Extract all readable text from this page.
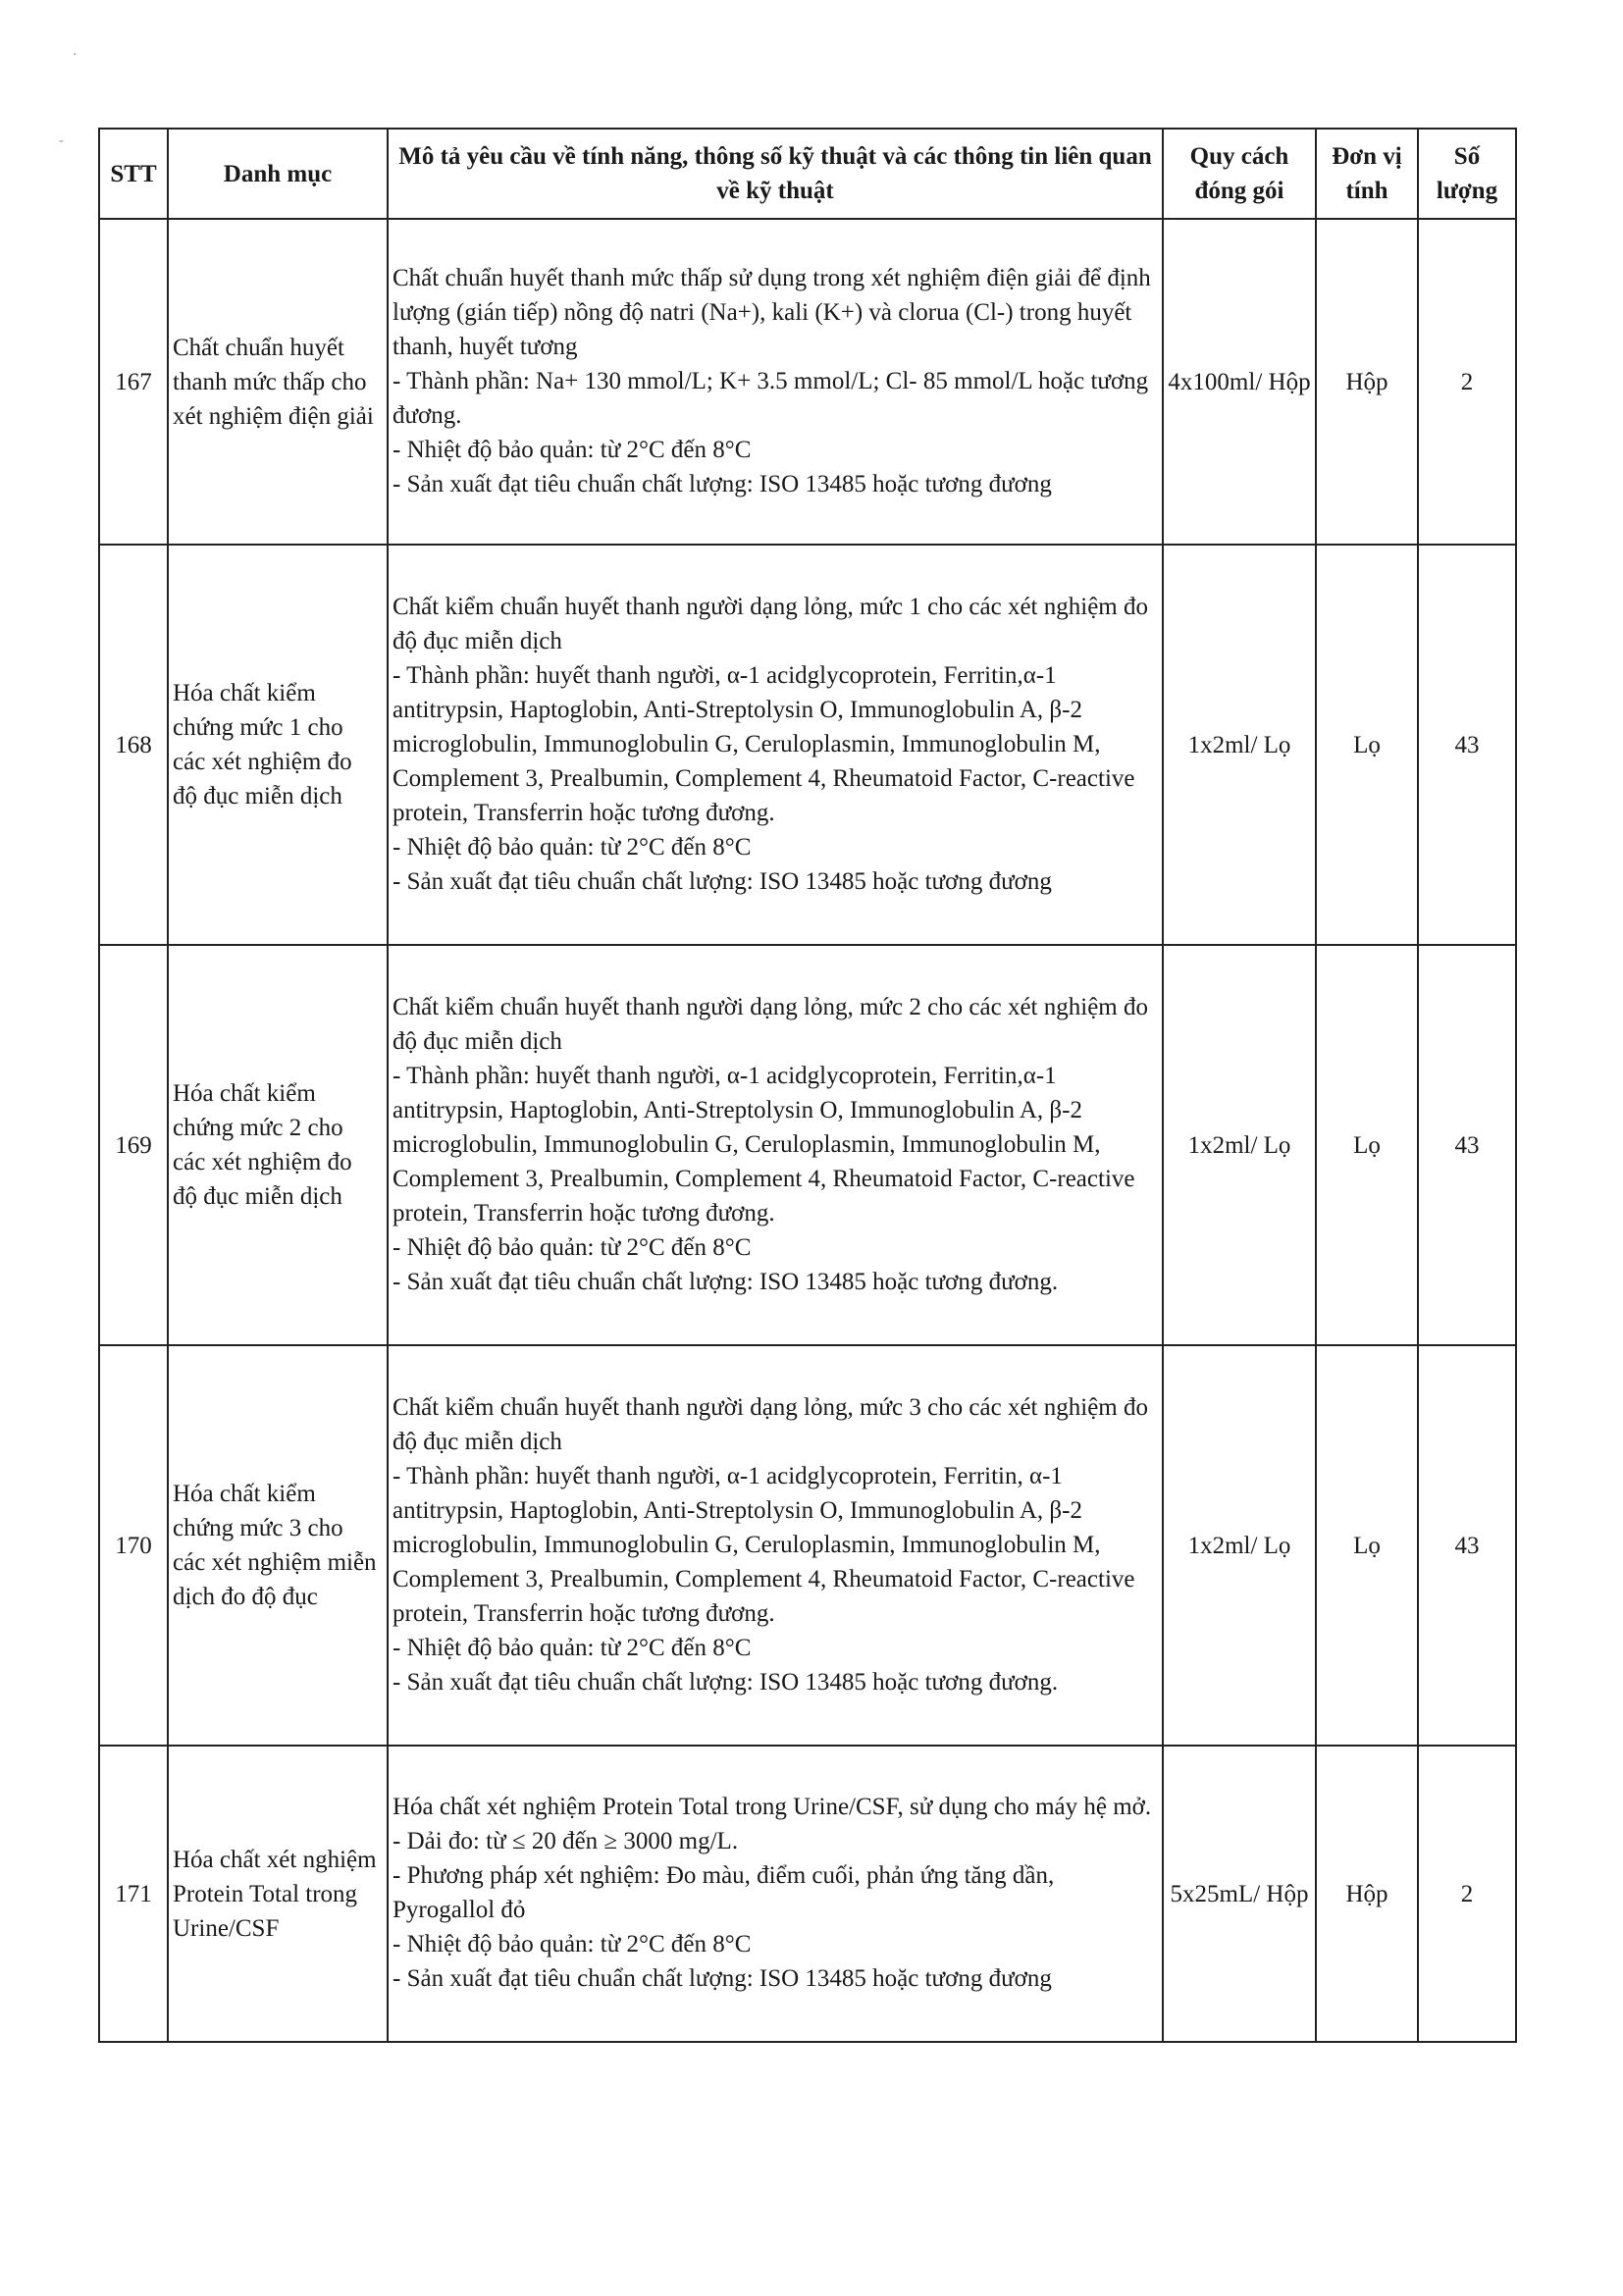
·
-
STT	Danh mục	Mô tả yêu cầu về tính năng, thông số kỹ thuật và các thông tin liên quan về kỹ thuật	Quy cách đóng gói	Đơn vị tính	Số lượng
167	Chất chuẩn huyết thanh mức thấp cho xét nghiệm điện giải	Chất chuẩn huyết thanh mức thấp sử dụng trong xét nghiệm điện giải để định lượng (gián tiếp) nồng độ natri (Na+), kali (K+) và clorua (Cl-) trong huyết thanh, huyết tương
- Thành phần: Na+ 130 mmol/L; K+ 3.5 mmol/L; Cl- 85 mmol/L hoặc tương đương.
- Nhiệt độ bảo quản: từ 2°C đến 8°C
- Sản xuất đạt tiêu chuẩn chất lượng: ISO 13485 hoặc tương đương	4x100ml/ Hộp	Hộp	2
168	Hóa chất kiểm chứng mức 1 cho các xét nghiệm đo độ đục miễn dịch	Chất kiểm chuẩn huyết thanh người dạng lỏng, mức 1 cho các xét nghiệm đo độ đục miễn dịch
- Thành phần: huyết thanh người, α-1 acidglycoprotein, Ferritin,α-1 antitrypsin, Haptoglobin, Anti-Streptolysin O, Immunoglobulin A, β-2 microglobulin, Immunoglobulin G, Ceruloplasmin, Immunoglobulin M, Complement 3, Prealbumin, Complement 4, Rheumatoid Factor, C-reactive protein, Transferrin hoặc tương đương.
- Nhiệt độ bảo quản: từ 2°C đến 8°C
- Sản xuất đạt tiêu chuẩn chất lượng: ISO 13485 hoặc tương đương	1x2ml/ Lọ	Lọ	43
169	Hóa chất kiểm chứng mức 2 cho các xét nghiệm đo độ đục miễn dịch	Chất kiểm chuẩn huyết thanh người dạng lỏng, mức 2 cho các xét nghiệm đo độ đục miễn dịch
- Thành phần: huyết thanh người, α-1 acidglycoprotein, Ferritin,α-1 antitrypsin, Haptoglobin, Anti-Streptolysin O, Immunoglobulin A, β-2 microglobulin, Immunoglobulin G, Ceruloplasmin, Immunoglobulin M, Complement 3, Prealbumin, Complement 4, Rheumatoid Factor, C-reactive protein, Transferrin hoặc tương đương.
- Nhiệt độ bảo quản: từ 2°C đến 8°C
- Sản xuất đạt tiêu chuẩn chất lượng: ISO 13485 hoặc tương đương.	1x2ml/ Lọ	Lọ	43
170	Hóa chất kiểm chứng mức 3 cho các xét nghiệm miễn dịch đo độ đục	Chất kiểm chuẩn huyết thanh người dạng lỏng, mức 3 cho các xét nghiệm đo độ đục miễn dịch
- Thành phần: huyết thanh người, α-1 acidglycoprotein, Ferritin, α-1 antitrypsin, Haptoglobin, Anti-Streptolysin O, Immunoglobulin A, β-2 microglobulin, Immunoglobulin G, Ceruloplasmin, Immunoglobulin M, Complement 3, Prealbumin, Complement 4, Rheumatoid Factor, C-reactive protein, Transferrin hoặc tương đương.
- Nhiệt độ bảo quản: từ 2°C đến 8°C
- Sản xuất đạt tiêu chuẩn chất lượng: ISO 13485 hoặc tương đương.	1x2ml/ Lọ	Lọ	43
171	Hóa chất xét nghiệm Protein Total trong Urine/CSF	Hóa chất xét nghiệm Protein Total trong Urine/CSF, sử dụng cho máy hệ mở.
- Dải đo: từ ≤ 20 đến ≥ 3000 mg/L.
- Phương pháp xét nghiệm: Đo màu, điểm cuối, phản ứng tăng dần, Pyrogallol đỏ
- Nhiệt độ bảo quản: từ 2°C đến 8°C
- Sản xuất đạt tiêu chuẩn chất lượng: ISO 13485 hoặc tương đương	5x25mL/ Hộp	Hộp	2
